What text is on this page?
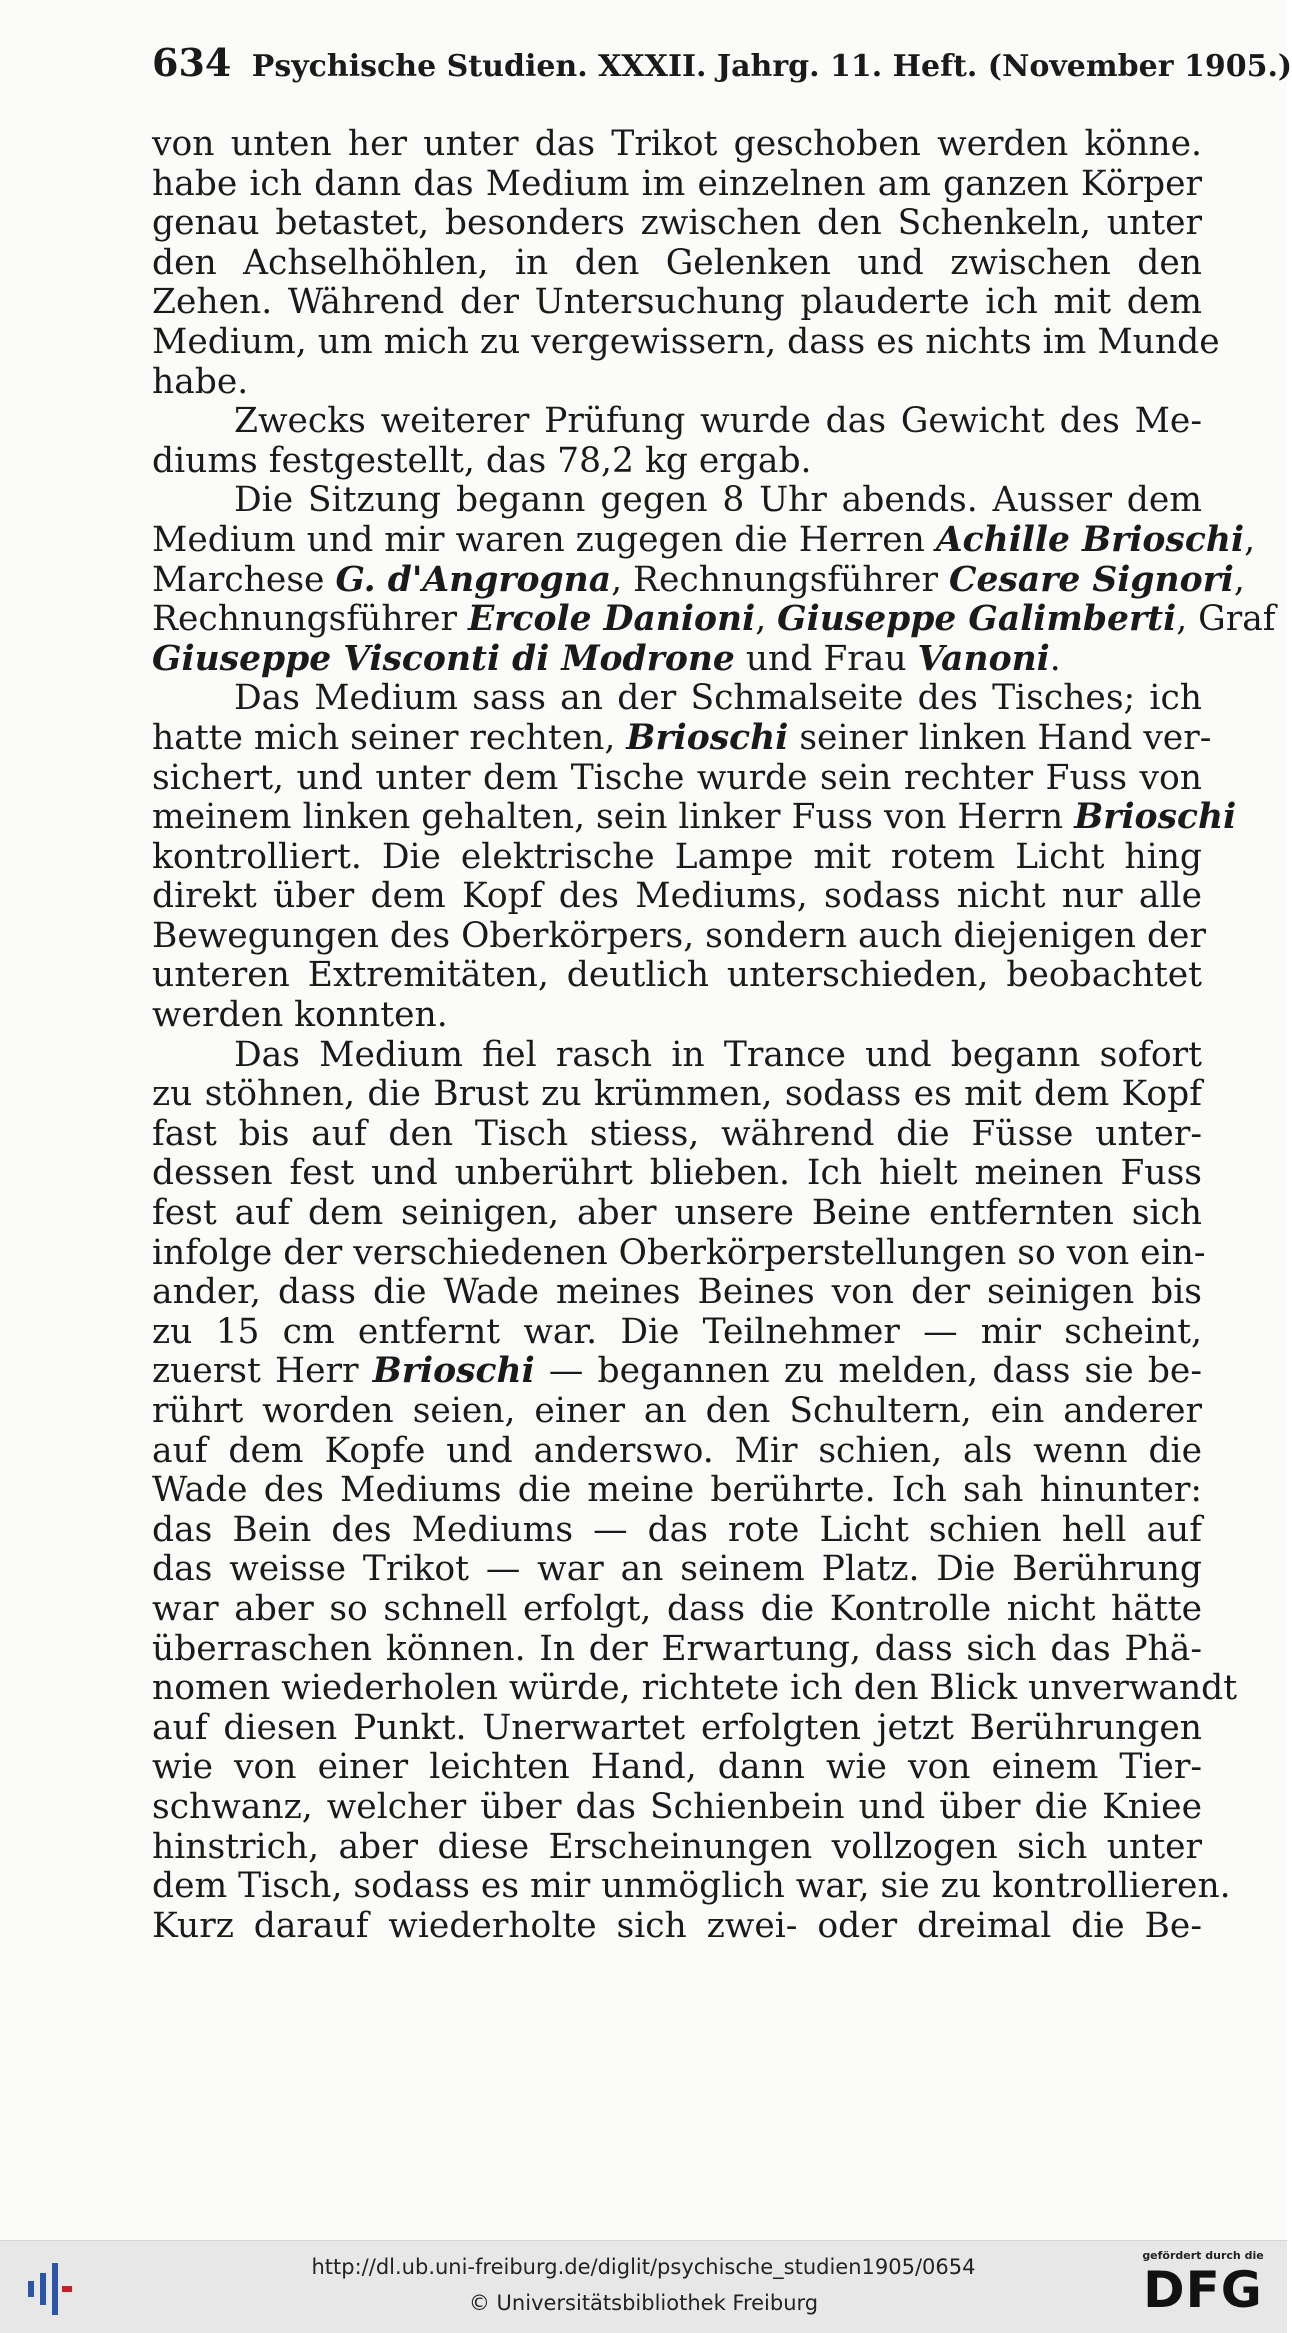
634 Psychische Studien. XXXII. Jahrg. 11. Heft. (November 1905.)
von unten her unter das Trikot geschoben werden könne.
habe ich dann das Medium im einzelnen am ganzen Körper
genau betastet, besonders zwischen den Schenkeln, unter
den Achselhöhlen, in den Gelenken und zwischen den
Zehen. Während der Untersuchung plauderte ich mit dem
Medium, um mich zu vergewissern, dass es nichts im Munde
habe.
Zwecks weiterer Prüfung wurde das Gewicht des Me-
diums festgestellt, das 78,2 kg ergab.
Die Sitzung begann gegen 8 Uhr abends. Ausser dem
Medium und mir waren zugegen die Herren Achille Brioschi,
Marchese G. d'Angrogna, Rechnungsführer Cesare Signori,
Rechnungsführer Ercole Danioni, Giuseppe Galimberti, Graf
Giuseppe Visconti di Modrone und Frau Vanoni.
Das Medium sass an der Schmalseite des Tisches; ich
hatte mich seiner rechten, Brioschi seiner linken Hand ver-
sichert, und unter dem Tische wurde sein rechter Fuss von
meinem linken gehalten, sein linker Fuss von Herrn Brioschi
kontrolliert. Die elektrische Lampe mit rotem Licht hing
direkt über dem Kopf des Mediums, sodass nicht nur alle
Bewegungen des Oberkörpers, sondern auch diejenigen der
unteren Extremitäten, deutlich unterschieden, beobachtet
werden konnten.
Das Medium fiel rasch in Trance und begann sofort
zu stöhnen, die Brust zu krümmen, sodass es mit dem Kopf
fast bis auf den Tisch stiess, während die Füsse unter-
dessen fest und unberührt blieben. Ich hielt meinen Fuss
fest auf dem seinigen, aber unsere Beine entfernten sich
infolge der verschiedenen Oberkörperstellungen so von ein-
ander, dass die Wade meines Beines von der seinigen bis
zu 15 cm entfernt war. Die Teilnehmer — mir scheint,
zuerst Herr Brioschi — begannen zu melden, dass sie be-
rührt worden seien, einer an den Schultern, ein anderer
auf dem Kopfe und anderswo. Mir schien, als wenn die
Wade des Mediums die meine berührte. Ich sah hinunter:
das Bein des Mediums — das rote Licht schien hell auf
das weisse Trikot — war an seinem Platz. Die Berührung
war aber so schnell erfolgt, dass die Kontrolle nicht hätte
überraschen können. In der Erwartung, dass sich das Phä-
nomen wiederholen würde, richtete ich den Blick unverwandt
auf diesen Punkt. Unerwartet erfolgten jetzt Berührungen
wie von einer leichten Hand, dann wie von einem Tier-
schwanz, welcher über das Schienbein und über die Kniee
hinstrich, aber diese Erscheinungen vollzogen sich unter
dem Tisch, sodass es mir unmöglich war, sie zu kontrollieren.
Kurz darauf wiederholte sich zwei- oder dreimal die Be-
http://dl.ub.uni-freiburg.de/diglit/psychische_studien1905/0654
© Universitätsbibliothek Freiburg
gefördert durch die
DFG
